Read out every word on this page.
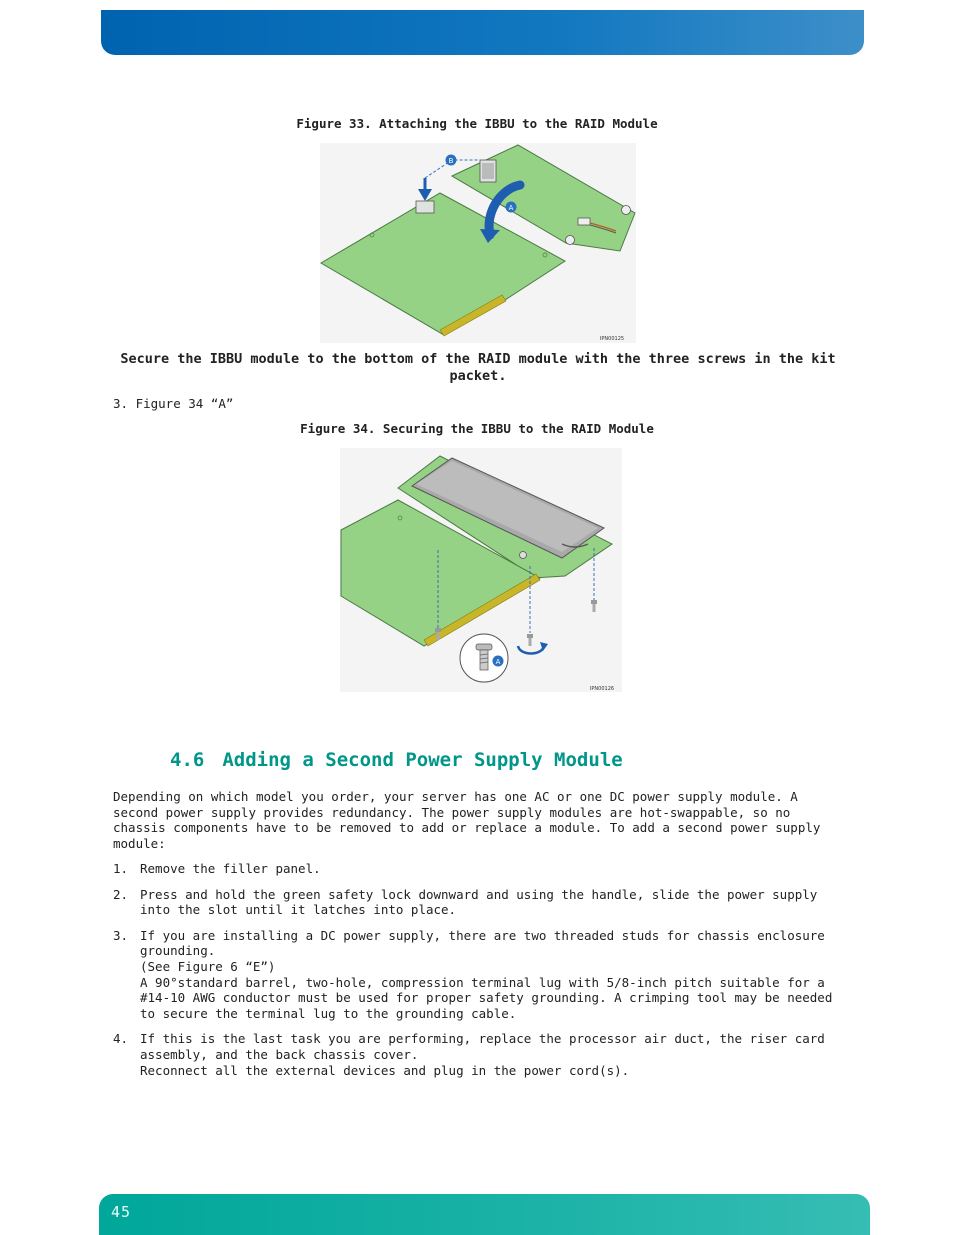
Figure 33. Attaching the IBBU to the RAID Module
B
A
IPN00125
Secure the IBBU module to the bottom of the RAID module with the three screws in the kit packet.
3. Figure 34 “A”
Figure 34. Securing the IBBU to the RAID Module
A
IPN00126
4.6 Adding a Second Power Supply Module

Depending on which model you order, your server has one AC or one DC power supply module. A second power supply provides redundancy. The power supply modules are hot-swappable, so no chassis components have to be removed to add or replace a module. To add a second power supply module:

1. Remove the filler panel.

2. Press and hold the green safety lock downward and using the handle, slide the power supply into the slot until it latches into place.

3. If you are installing a DC power supply, there are two threaded studs for chassis enclosure grounding.

(See Figure 6 “E”)

A 90°standard barrel, two-hole, compression terminal lug with 5/8-inch pitch suitable for a #14-10 AWG conductor must be used for proper safety grounding. A crimping tool may be needed to secure the terminal lug to the grounding cable.

4. If this is the last task you are performing, replace the processor air duct, the riser card assembly, and the back chassis cover.

Reconnect all the external devices and plug in the power cord(s).

45
